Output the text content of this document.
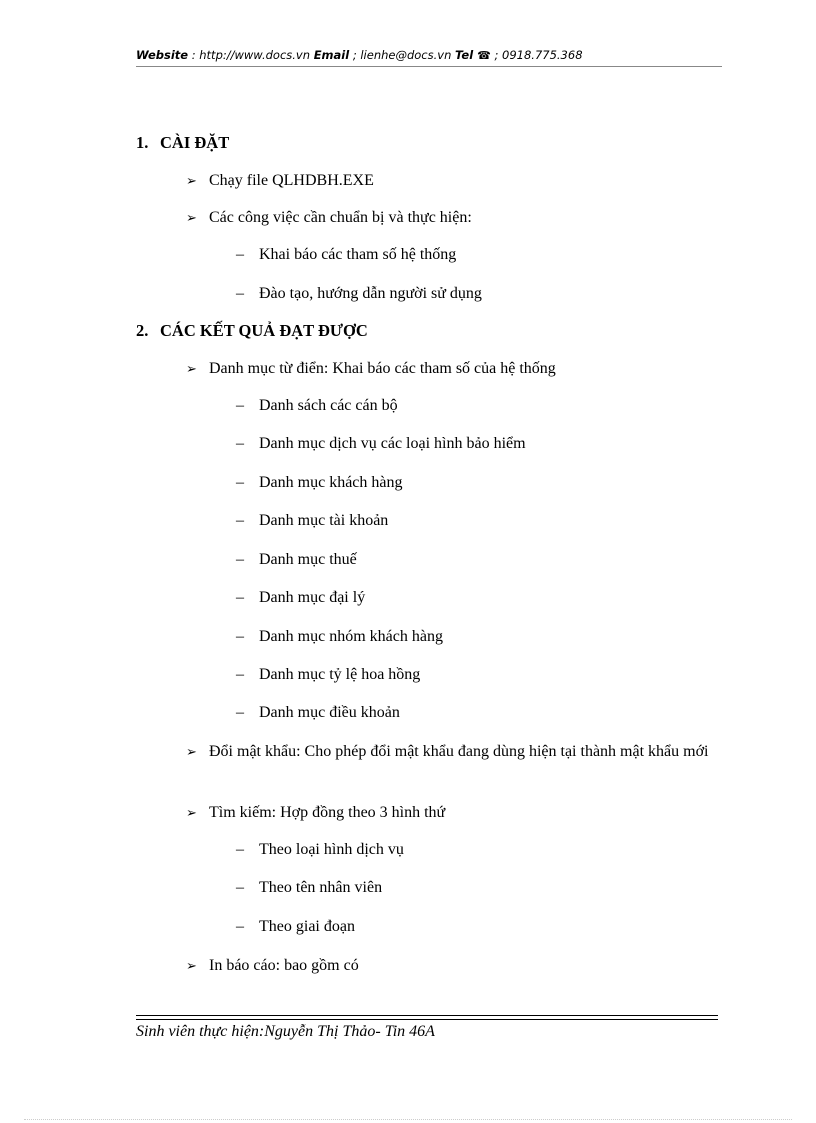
Website : http://www.docs.vn Email ; lienhe@docs.vn Tel ☎ ; 0918.775.368
1. CÀI ĐẶT
➢ Chạy file QLHDBH.EXE
➢ Các công việc cần chuẩn bị và thực hiện:
– Khai báo các tham số hệ thống
– Đào tạo, hướng dẫn người sử dụng
2. CÁC KẾT QUẢ ĐẠT ĐƯỢC
➢ Danh mục từ điển: Khai báo các tham số của hệ thống
– Danh sách các cán bộ
– Danh mục dịch vụ các loại hình bảo hiểm
– Danh mục khách hàng
– Danh mục tài khoản
– Danh mục thuế
– Danh mục đại lý
– Danh mục nhóm khách hàng
– Danh mục tỷ lệ hoa hồng
– Danh mục điều khoản
➢ Đổi mật khẩu: Cho phép đổi mật khẩu đang dùng hiện tại thành mật khẩu mới
➢ Tìm kiếm: Hợp đồng theo 3 hình thứ
– Theo loại hình dịch vụ
– Theo tên nhân viên
– Theo giai đoạn
➢ In báo cáo: bao gồm có
Sinh viên thực hiện:Nguyễn Thị Thảo- Tin 46A
